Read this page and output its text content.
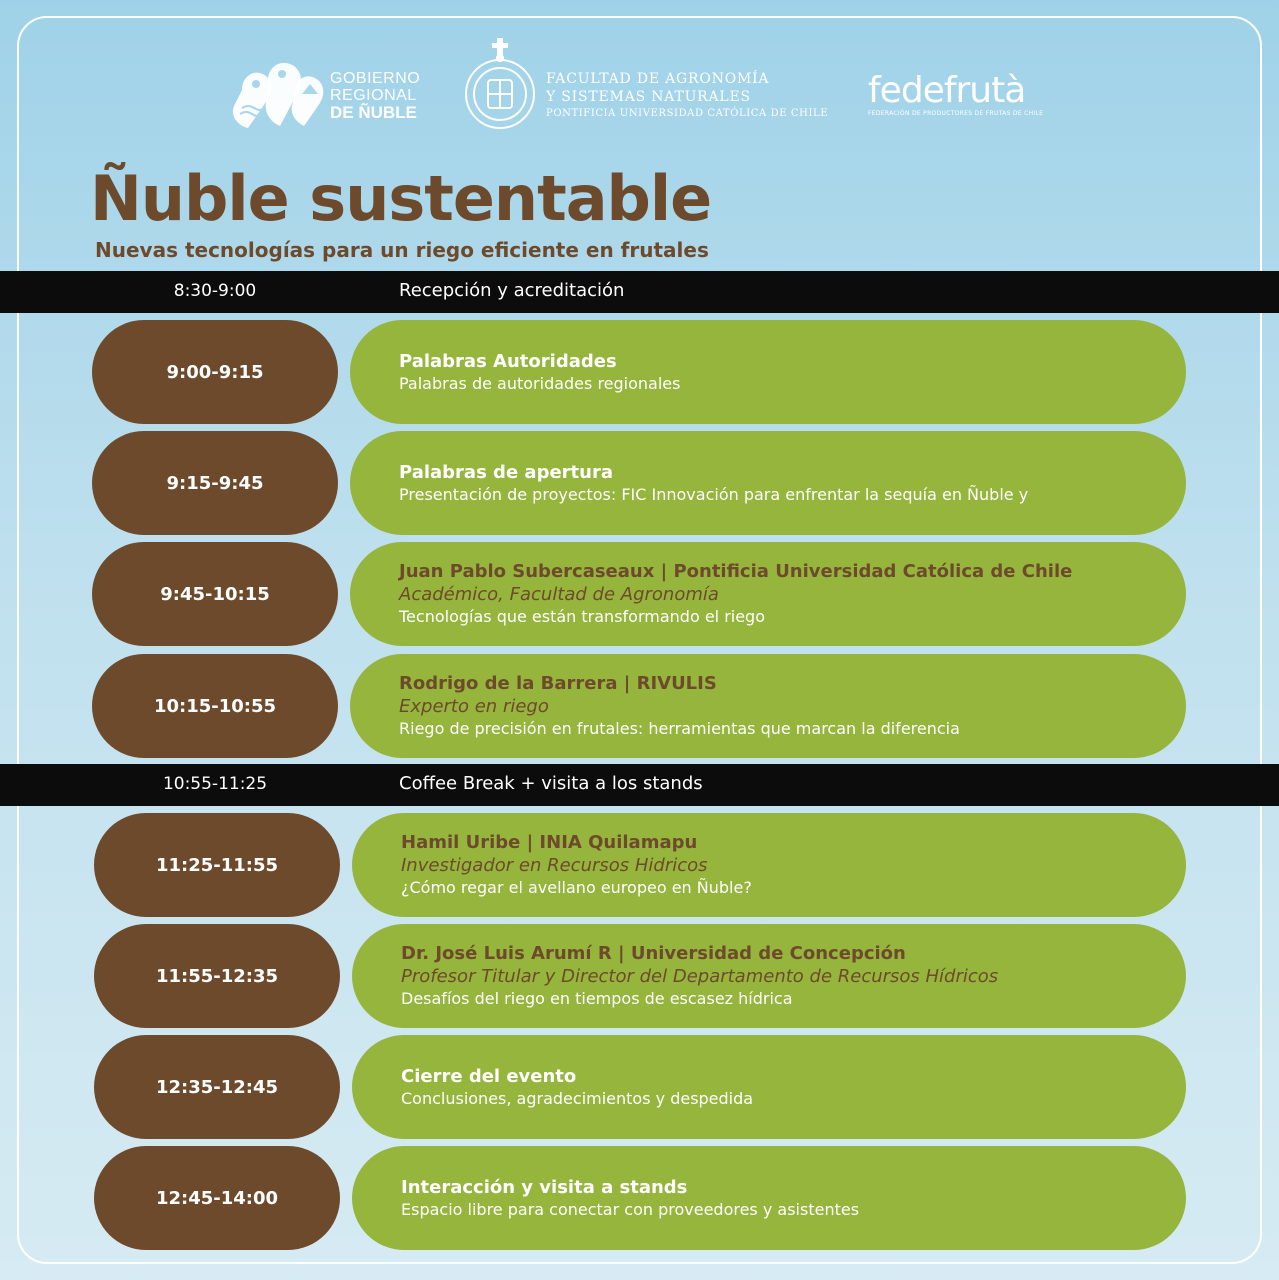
GOBIERNO
REGIONAL
DE ÑUBLE
FACULTAD DE AGRONOMÍA
Y SISTEMAS NATURALES
PONTIFICIA UNIVERSIDAD CATÓLICA DE CHILE
fedefrutà
FEDERACIÓN DE PRODUCTORES DE FRUTAS DE CHILE
Ñuble sustentable
Nuevas tecnologías para un riego eficiente en frutales
8:30-9:00	Recepción y acreditación
9:00-9:15
Palabras Autoridades
Palabras de autoridades regionales
9:15-9:45
Palabras de apertura
Presentación de proyectos: FIC Innovación para enfrentar la sequía en Ñuble y
9:45-10:15
Juan Pablo Subercaseaux | Pontificia Universidad Católica de Chile
Académico, Facultad de Agronomía
Tecnologías que están transformando el riego
10:15-10:55
Rodrigo de la Barrera | RIVULIS
Experto en riego
Riego de precisión en frutales: herramientas que marcan la diferencia
10:55-11:25	Coffee Break + visita a los stands
11:25-11:55
Hamil Uribe | INIA Quilamapu
Investigador en Recursos Hidricos
¿Cómo regar el avellano europeo en Ñuble?
11:55-12:35
Dr. José Luis Arumí R | Universidad de Concepción
Profesor Titular y Director del Departamento de Recursos Hídricos
Desafíos del riego en tiempos de escasez hídrica
12:35-12:45
Cierre del evento
Conclusiones, agradecimientos y despedida
12:45-14:00
Interacción y visita a stands
Espacio libre para conectar con proveedores y asistentes
